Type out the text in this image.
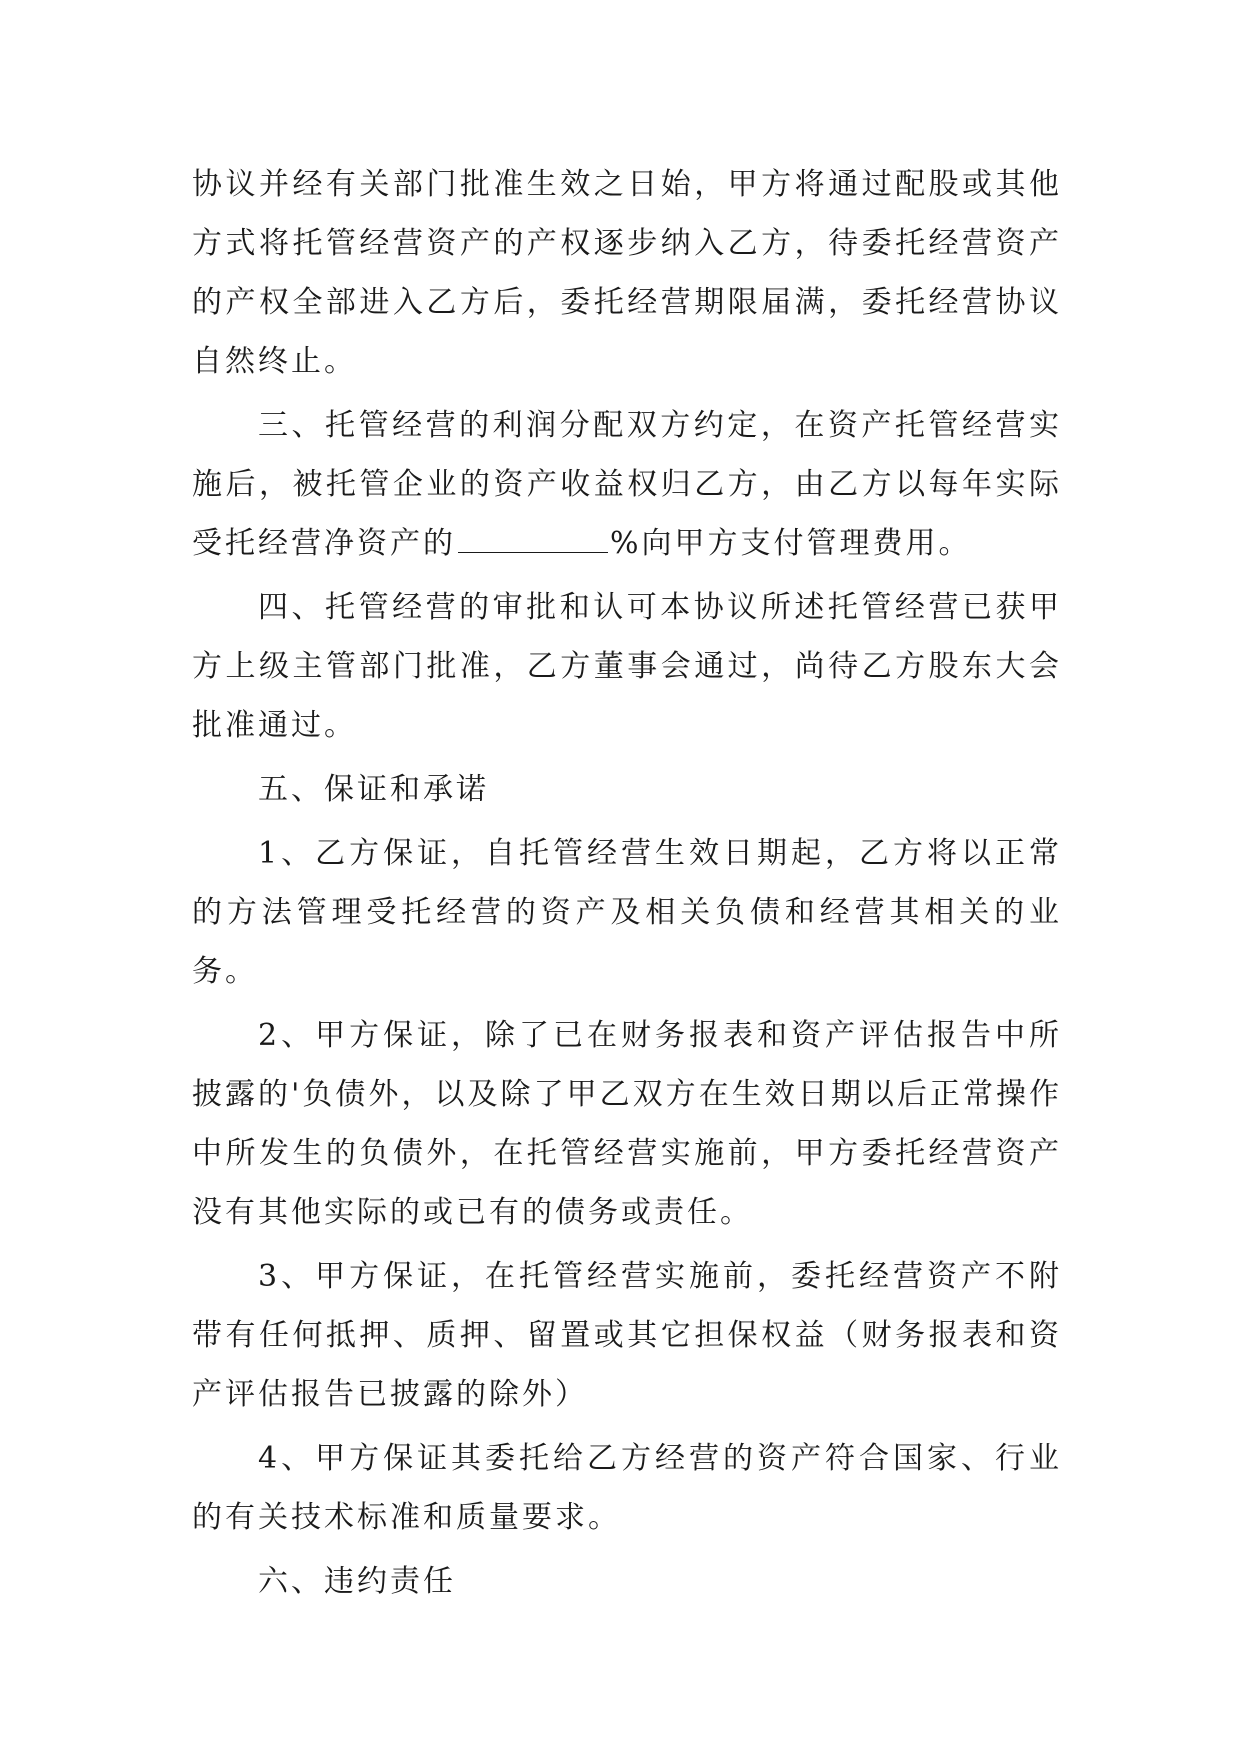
协议并经有关部门批准生效之日始，甲方将通过配股或其他方式将托管经营资产的产权逐步纳入乙方，待委托经营资产的产权全部进入乙方后，委托经营期限届满，委托经营协议自然终止。

三、托管经营的利润分配双方约定，在资产托管经营实施后，被托管企业的资产收益权归乙方，由乙方以每年实际受托经营净资产的	%向甲方支付管理费用。

四、托管经营的审批和认可本协议所述托管经营已获甲方上级主管部门批准，乙方董事会通过，尚待乙方股东大会批准通过。

五、保证和承诺

1、乙方保证，自托管经营生效日期起，乙方将以正常的方法管理受托经营的资产及相关负债和经营其相关的业务。

2、甲方保证，除了已在财务报表和资产评估报告中所披露的'负债外，以及除了甲乙双方在生效日期以后正常操作中所发生的负债外，在托管经营实施前，甲方委托经营资产没有其他实际的或已有的债务或责任。

3、甲方保证，在托管经营实施前，委托经营资产不附带有任何抵押、质押、留置或其它担保权益（财务报表和资产评估报告已披露的除外）

4、甲方保证其委托给乙方经营的资产符合国家、行业的有关技术标准和质量要求。

六、违约责任
